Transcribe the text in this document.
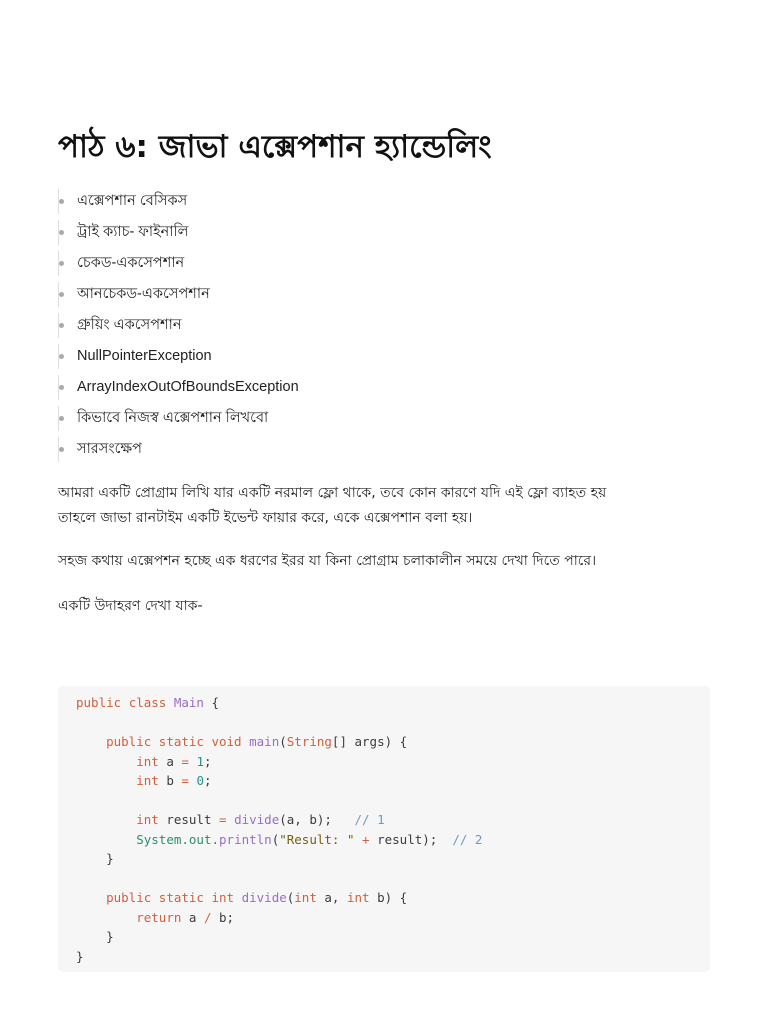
পাঠ ৬: জাভা এক্সেপশান হ্যান্ডেলিং
এক্সেপশান বেসিকস
ট্রাই ক্যাচ- ফাইনালি
চেকড-একসেপশান
আনচেকড-একসেপশান
গ্রুয়িং একসেপশান
NullPointerException
ArrayIndexOutOfBoundsException
কিভাবে নিজস্ব এক্সেপশান লিখবো
সারসংক্ষেপ

আমরা একটি প্রোগ্রাম লিখি যার একটি নরমাল ফ্লো থাকে, তবে কোন কারণে যদি এই ফ্লো ব্যাহত হয়
তাহলে জাভা রানটাইম একটি ইভেন্ট ফায়ার করে, একে এক্সেপশান বলা হয়।

সহজ কথায় এক্সেপশন হচ্ছে এক ধরণের ইরর যা কিনা প্রোগ্রাম চলাকালীন সময়ে দেখা দিতে পারে।

একটি উদাহরণ দেখা যাক-

public class Main {

public static void main(String[] args) {
int a = 1;
int b = 0;

int result = divide(a, b);   // 1
System.out.println("Result: " + result);  // 2
}

public static int divide(int a, int b) {
return a / b;
}
}
